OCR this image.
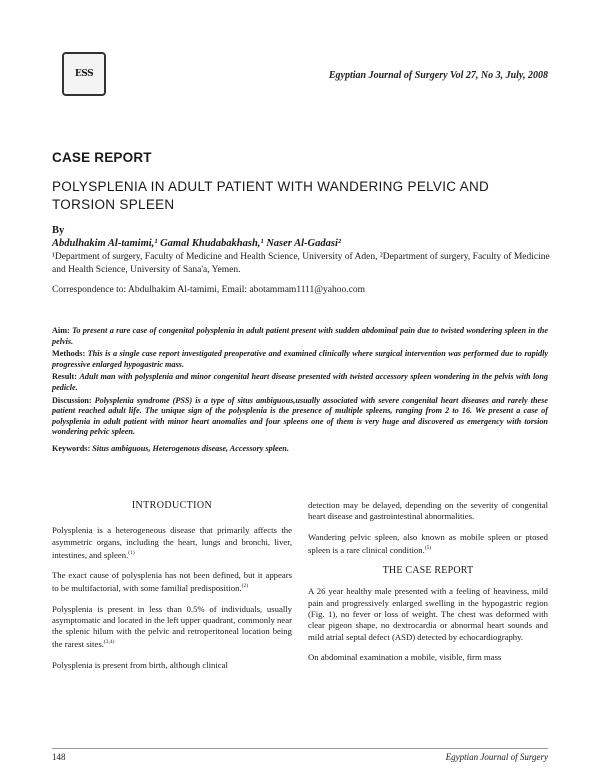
ESS	Egyptian Journal of Surgery Vol 27, No 3, July, 2008
CASE REPORT
POLYSPLENIA IN ADULT PATIENT WITH WANDERING PELVIC AND TORSION SPLEEN
By
Abdulhakim Al-tamimi,¹ Gamal Khudabakhash,¹ Naser Al-Gadasi²
¹Department of surgery, Faculty of Medicine and Health Science, University of Aden, ²Department of surgery, Faculty of Medicine and Health Science, University of Sana'a, Yemen.
Correspondence to: Abdulhakim Al-tamimi, Email: abotammam1111@yahoo.com

Aim: To present a rare case of congenital polysplenia in adult patient present with sudden abdominal pain due to twisted wondering spleen in the pelvis.

Methods: This is a single case report investigated preoperative and examined clinically where surgical intervention was performed due to rapidly progressive enlarged hypogastric mass.

Result: Adult man with polysplenia and minor congenital heart disease presented with twisted accessory spleen wondering in the pelvis with long pedicle.

Discussion: Polysplenia syndrome (PSS) is a type of situs ambiguous,usually associated with severe congenital heart diseases and rarely these patient reached adult life. The unique sign of the polysplenia is the presence of multiple spleens, ranging from 2 to 16. We present a case of polysplenia in adult patient with minor heart anomalies and four spleens one of them is very huge and discovered as emergency with torsion wondering pelvic spleen.

Keywords: Situs ambiguous, Heterogenous disease, Accessory spleen.

INTRODUCTION

Polysplenia is a heterogeneous disease that primarily affects the asymmetric organs, including the heart, lungs and bronchi, liver, intestines, and spleen.$^{(1)}$

The exact cause of polysplenia has not been defined, but it appears to be multifactorial, with some familial predisposition.$^{(2)}$

Polysplenia is present in less than 0.5% of individuals, usually asymptomatic and located in the left upper quadrant, commonly near the splenic hilum with the pelvic and retroperitoneal location being the rarest sites.$^{(3,4)}$

Polysplenia is present from birth, although clinical

detection may be delayed, depending on the severity of congenital heart disease and gastrointestinal abnormalities.

Wandering pelvic spleen, also known as mobile spleen or ptosed spleen is a rare clinical condition.$^{(5)}$

THE CASE REPORT

A 26 year healthy male presented with a feeling of heaviness, mild pain and progressively enlarged swelling in the hypogastric region (Fig. 1), no fever or loss of weight. The chest was deformed with clear pigeon shape, no dextrocardia or abnormal heart sounds and mild atrial septal defect (ASD) detected by echocardiography.

On abdominal examination a mobile, visible, firm mass

148	Egyptian Journal of Surgery
